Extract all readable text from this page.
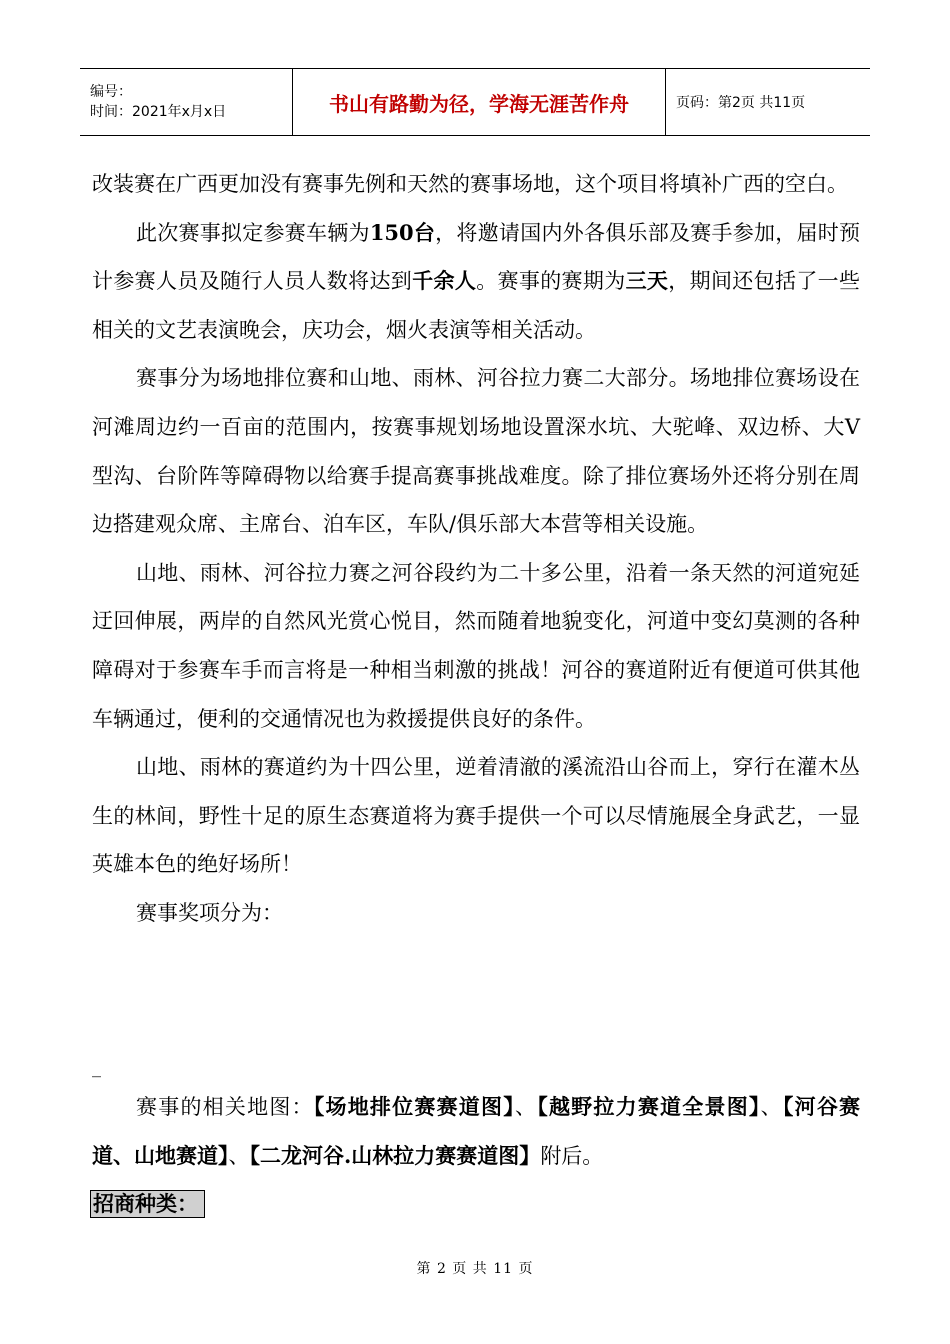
编号：
时间：2021年x月x日	书山有路勤为径，学海无涯苦作舟	页码：第2页 共11页

改装赛在广西更加没有赛事先例和天然的赛事场地，这个项目将填补广西的空白。

此次赛事拟定参赛车辆为150台，将邀请国内外各俱乐部及赛手参加，届时预计参赛人员及随行人员人数将达到千余人。赛事的赛期为三天，期间还包括了一些相关的文艺表演晚会，庆功会，烟火表演等相关活动。

赛事分为场地排位赛和山地、雨林、河谷拉力赛二大部分。场地排位赛场设在河滩周边约一百亩的范围内，按赛事规划场地设置深水坑、大驼峰、双边桥、大V型沟、台阶阵等障碍物以给赛手提高赛事挑战难度。除了排位赛场外还将分别在周边搭建观众席、主席台、泊车区，车队/俱乐部大本营等相关设施。

山地、雨林、河谷拉力赛之河谷段约为二十多公里，沿着一条天然的河道宛延迂回伸展，两岸的自然风光赏心悦目，然而随着地貌变化，河道中变幻莫测的各种障碍对于参赛车手而言将是一种相当刺激的挑战！河谷的赛道附近有便道可供其他车辆通过，便利的交通情况也为救援提供良好的条件。

山地、雨林的赛道约为十四公里，逆着清澈的溪流沿山谷而上，穿行在灌木丛生的林间，野性十足的原生态赛道将为赛手提供一个可以尽情施展全身武艺，一显英雄本色的绝好场所！

赛事奖项分为：

_

赛事的相关地图：【场地排位赛赛道图】、【越野拉力赛道全景图】、【河谷赛道、山地赛道】、【二龙河谷.山林拉力赛赛道图】附后。

招商种类：
第 2 页 共 11 页
